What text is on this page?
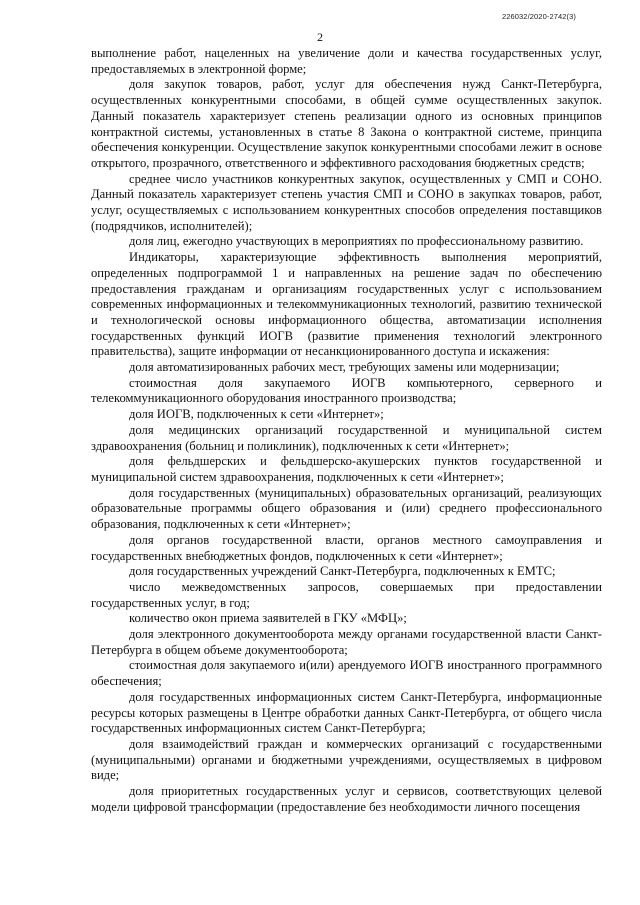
226032/2020-2742(3)
2

выполнение работ, нацеленных на увеличение доли и качества государственных услуг, предоставляемых в электронной форме;

доля закупок товаров, работ, услуг для обеспечения нужд Санкт-Петербурга, осуществленных конкурентными способами, в общей сумме осуществленных закупок. Данный показатель характеризует степень реализации одного из основных принципов контрактной системы, установленных в статье 8 Закона о контрактной системе, принципа обеспечения конкуренции. Осуществление закупок конкурентными способами лежит в основе открытого, прозрачного, ответственного и эффективного расходования бюджетных средств;

среднее число участников конкурентных закупок, осуществленных у СМП и СОНО. Данный показатель характеризует степень участия СМП и СОНО в закупках товаров, работ, услуг, осуществляемых с использованием конкурентных способов определения поставщиков (подрядчиков, исполнителей);

доля лиц, ежегодно участвующих в мероприятиях по профессиональному развитию.

Индикаторы, характеризующие эффективность выполнения мероприятий, определенных подпрограммой 1 и направленных на решение задач по обеспечению предоставления гражданам и организациям государственных услуг с использованием современных информационных и телекоммуникационных технологий, развитию технической и технологической основы информационного общества, автоматизации исполнения государственных функций ИОГВ (развитие применения технологий электронного правительства), защите информации от несанкционированного доступа и искажения:

доля автоматизированных рабочих мест, требующих замены или модернизации;

стоимостная доля закупаемого ИОГВ компьютерного, серверного и телекоммуникационного оборудования иностранного производства;

доля ИОГВ, подключенных к сети «Интернет»;

доля медицинских организаций государственной и муниципальной систем здравоохранения (больниц и поликлиник), подключенных к сети «Интернет»;

доля фельдшерских и фельдшерско-акушерских пунктов государственной и муниципальной систем здравоохранения, подключенных к сети «Интернет»;

доля государственных (муниципальных) образовательных организаций, реализующих образовательные программы общего образования и (или) среднего профессионального образования, подключенных к сети «Интернет»;

доля органов государственной власти, органов местного самоуправления и государственных внебюджетных фондов, подключенных к сети «Интернет»;

доля государственных учреждений Санкт-Петербурга, подключенных к ЕМТС;

число межведомственных запросов, совершаемых при предоставлении государственных услуг, в год;

количество окон приема заявителей в ГКУ «МФЦ»;

доля электронного документооборота между органами государственной власти Санкт-Петербурга в общем объеме документооборота;

стоимостная доля закупаемого и(или) арендуемого ИОГВ иностранного программного обеспечения;

доля государственных информационных систем Санкт-Петербурга, информационные ресурсы которых размещены в Центре обработки данных Санкт-Петербурга, от общего числа государственных информационных систем Санкт-Петербурга;

доля взаимодействий граждан и коммерческих организаций с государственными (муниципальными) органами и бюджетными учреждениями, осуществляемых в цифровом виде;

доля приоритетных государственных услуг и сервисов, соответствующих целевой модели цифровой трансформации (предоставление без необходимости личного посещения
